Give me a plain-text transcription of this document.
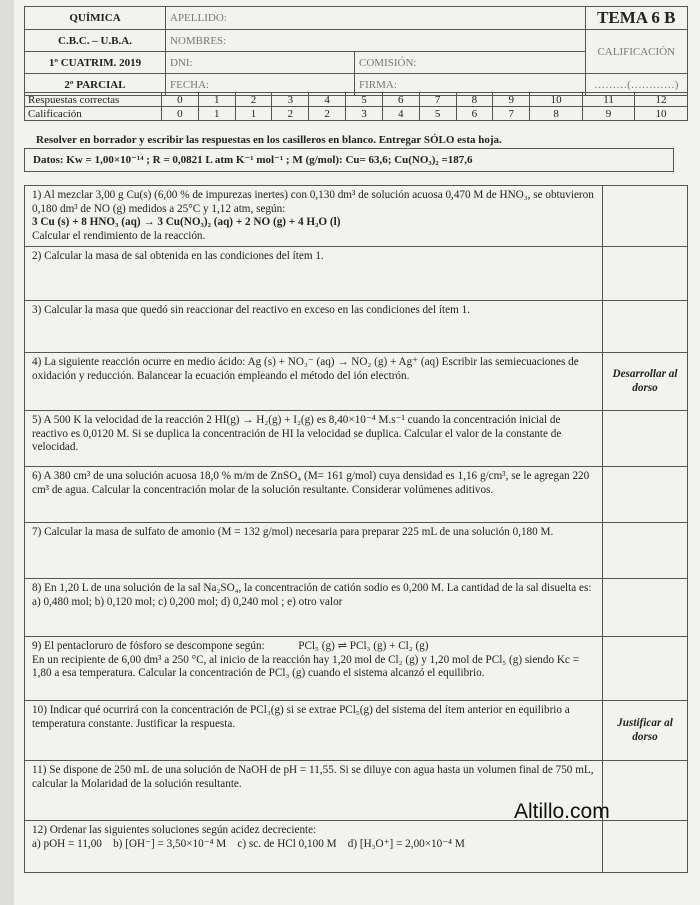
QUÍMICA	APELLIDO:		TEMA 6 B
C.B.C. – U.B.A.	NOMBRES:		CALIFICACIÓN
1º CUATRIM. 2019	DNI:	COMISIÓN:	
2º PARCIAL	FECHA:	FIRMA:	………(…………)
Respuestas correctas	0	1	2	3	4	5	6	7	8	9	10	11	12
Calificación	0	1	1	2	2	3	4	5	6	7	8	9	10
Resolver en borrador y escribir las respuestas en los casilleros en blanco. Entregar SÓLO esta hoja.
Datos: Kw = 1,00×10⁻¹⁴ ; R = 0,0821 L atm K⁻¹ mol⁻¹ ; M (g/mol): Cu= 63,6; Cu(NO₃)₂ =187,6
1) Al mezclar 3,00 g Cu(s) (6,00 % de impurezas inertes) con 0,130 dm³ de solución acuosa 0,470 M de HNO₃, se obtuvieron 0,180 dm³ de NO (g) medidos a 25°C y 1,12 atm, según:
3 Cu (s) + 8 HNO₃ (aq) → 3 Cu(NO₃)₂ (aq) + 2 NO (g) + 4 H₂O (l)
Calcular el rendimiento de la reacción.	

2) Calcular la masa de sal obtenida en las condiciones del ítem 1.	
3) Calcular la masa que quedó sin reaccionar del reactivo en exceso en las condiciones del ítem 1.	
4) La siguiente reacción ocurre en medio ácido: Ag (s) + NO₃⁻ (aq) → NO₂ (g) + Ag⁺ (aq) Escribir las semiecuaciones de oxidación y reducción. Balancear la ecuación empleando el método del ión electrón.	Desarrollar al dorso
5) A 500 K la velocidad de la reacción 2 HI(g) → H₂(g) + I₂(g) es 8,40×10⁻⁴ M.s⁻¹ cuando la concentración inicial de reactivo es 0,0120 M. Si se duplica la concentración de HI la velocidad se duplica. Calcular el valor de la constante de velocidad.	
6) A 380 cm³ de una solución acuosa 18,0 % m/m de ZnSO₄ (M= 161 g/mol) cuya densidad es 1,16 g/cm³, se le agregan 220 cm³ de agua. Calcular la concentración molar de la solución resultante. Considerar volúmenes aditivos.	
7) Calcular la masa de sulfato de amonio (M = 132 g/mol) necesaria para preparar 225 mL de una solución 0,180 M.	
8) En 1,20 L de una solución de la sal Na₂SO₄, la concentración de catión sodio es 0,200 M. La cantidad de la sal disuelta es: a) 0,480 mol; b) 0,120 mol; c) 0,200 mol; d) 0,240 mol ; e) otro valor	

9) El pentacloruro de fósforo se descompone según:            PCl₅ (g) ⇌ PCl₃ (g) + Cl₂ (g)
En un recipiente de 6,00 dm³ a 250 °C, al inicio de la reacción hay 1,20 mol de Cl₂ (g) y 1,20 mol de PCl₅ (g) siendo Kc = 1,80 a esa temperatura. Calcular la concentración de PCl₃ (g) cuando el sistema alcanzó el equilibrio.	

10) Indicar qué ocurrirá con la concentración de PCl₃(g) si se extrae PCl₅(g) del sistema del ítem anterior en equilibrio a temperatura constante. Justificar la respuesta.	Justificar al dorso
11) Se dispone de 250 mL de una solución de NaOH de pH = 11,55. Si se diluye con agua hasta un volumen final de 750 mL, calcular la Molaridad de la solución resultante.	

12) Ordenar las siguientes soluciones según acidez decreciente:
a) pOH = 11,00    b) [OH⁻] = 3,50×10⁻⁴ M    c) sc. de HCl 0,100 M    d) [H₃O⁺] = 2,00×10⁻⁴ M	

Altillo.com
